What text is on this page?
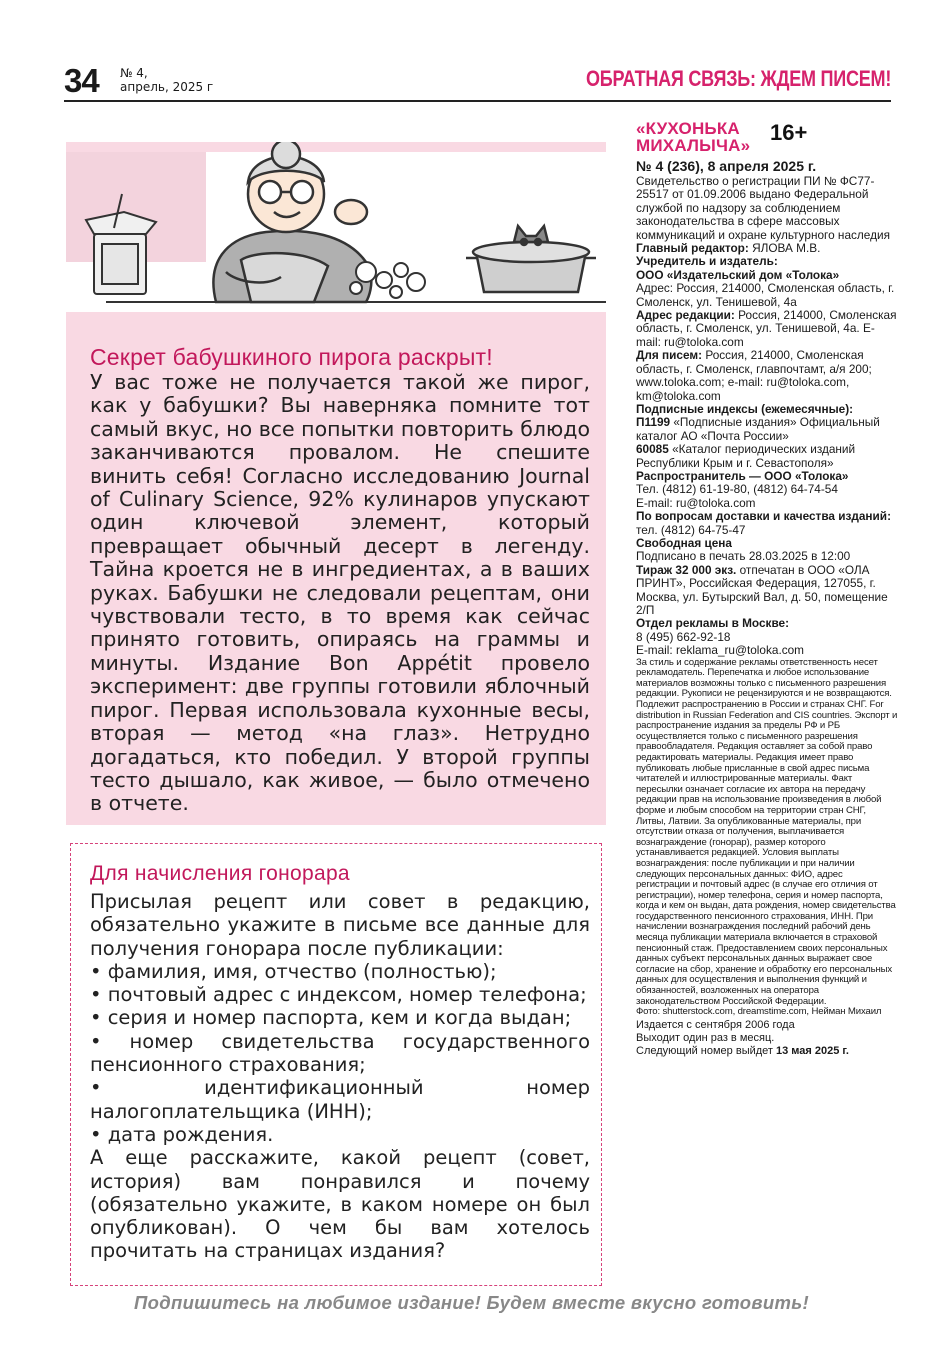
34 № 4,
апрель, 2025 г	ОБРАТНАЯ СВЯЗЬ: ЖДЕМ ПИСЕМ!
Секрет бабушкиного пирога раскрыт!
У вас тоже не получается такой же пирог, как у бабушки? Вы наверняка помните тот самый вкус, но все попытки повторить блюдо заканчиваются провалом. Не спешите винить себя! Согласно исследованию Journal of Culinary Science, 92% кулинаров упускают один ключевой элемент, который превращает обычный десерт в легенду. Тайна кроется не в ингредиентах, а в ваших руках. Бабушки не следовали рецептам, они чувствовали тесто, в то время как сейчас принято готовить, опираясь на граммы и минуты. Издание Bon Appétit провело эксперимент: две группы готовили яблочный пирог. Первая использовала кухонные весы, вторая — метод «на глаз». Нетрудно догадаться, кто победил. У второй группы тесто дышало, как живое, — было отмечено в отчете.
Для начисления гонорара

Присылая рецепт или совет в редакцию, обязательно укажите в письме все данные для получения гонорара после публикации:

• фамилия, имя, отчество (полностью);

• почтовый адрес с индексом, номер телефона;

• серия и номер паспорта, кем и когда выдан;

• номер свидетельства государственного пенсионного страхования;

• идентификационный номер налогоплательщика (ИНН);

• дата рождения.

А еще расскажите, какой рецепт (совет, история) вам понравился и почему (обязательно укажите, в каком номере он был опубликован). О чем бы вам хотелось прочитать на страницах издания?

«КУХОНЬКА МИХАЛЫЧА»
16+
№ 4 (236), 8 апреля 2025 г.
Свидетельство о регистрации ПИ № ФС77-25517 от 01.09.2006 выдано Федеральной службой по надзору за соблюдением законодательства в сфере массовых коммуникаций и охране культурного наследия
Главный редактор: ЯЛОВА М.В.
Учредитель и издатель:
ООО «Издательский дом «Толока»
Адрес: Россия, 214000, Смоленская область, г. Смоленск, ул. Тенишевой, 4а
Адрес редакции: Россия, 214000, Смоленская область, г. Смоленск, ул. Тенишевой, 4а. E-mail: ru@toloka.com
Для писем: Россия, 214000, Смоленская область, г. Смоленск, главпочтамт, а/я 200; www.toloka.com; e-mail: ru@toloka.com, km@toloka.com
Подписные индексы (ежемесячные):
П1199 «Подписные издания» Официальный каталог АО «Почта России»
60085 «Каталог периодических изданий Республики Крым и г. Севастополя»
Распространитель — ООО «Толока»
Тел. (4812) 61-19-80, (4812) 64-74-54
E-mail: ru@toloka.com
По вопросам доставки и качества изданий: тел. (4812) 64-75-47
Свободная цена
Подписано в печать 28.03.2025 в 12:00
Тираж 32 000 экз. отпечатан в ООО «ОЛА ПРИНТ», Российская Федерация, 127055, г. Москва, ул. Бутырский Вал, д. 50, помещение 2/П
Отдел рекламы в Москве:
8 (495) 662-92-18
E-mail: reklama_ru@toloka.com
За стиль и содержание рекламы ответственность несет рекламодатель. Перепечатка и любое использование материалов возможны только с письменного разрешения редакции. Рукописи не рецензируются и не возвращаются. Подлежит распространению в России и странах СНГ. For distribution in Russian Federation and CIS countries. Экспорт и распространение издания за пределы РФ и РБ осуществляется только с письменного разрешения правообладателя. Редакция оставляет за собой право редактировать материалы. Редакция имеет право публиковать любые присланные в свой адрес письма читателей и иллюстрированные материалы. Факт пересылки означает согласие их автора на передачу редакции прав на использование произведения в любой форме и любым способом на территории стран СНГ, Литвы, Латвии. За опубликованные материалы, при отсутствии отказа от получения, выплачивается вознаграждение (гонорар), размер которого устанавливается редакцией. Условия выплаты вознаграждения: после публикации и при наличии следующих персональных данных: ФИО, адрес регистрации и почтовый адрес (в случае его отличия от регистрации), номер телефона, серия и номер паспорта, когда и кем он выдан, дата рождения, номер свидетельства государственного пенсионного страхования, ИНН. При начислении вознаграждения последний рабочий день месяца публикации материала включается в страховой пенсионный стаж. Предоставлением своих персональных данных субъект персональных данных выражает свое согласие на сбор, хранение и обработку его персональных данных для осуществления и выполнения функций и обязанностей, возложенных на оператора законодательством Российской Федерации.
Фото: shutterstock.com, dreamstime.com, Нейман Михаил
Издается с сентября 2006 года
Выходит один раз в месяц.
Следующий номер выйдет 13 мая 2025 г.
Подпишитесь на любимое издание! Будем вместе вкусно готовить!
